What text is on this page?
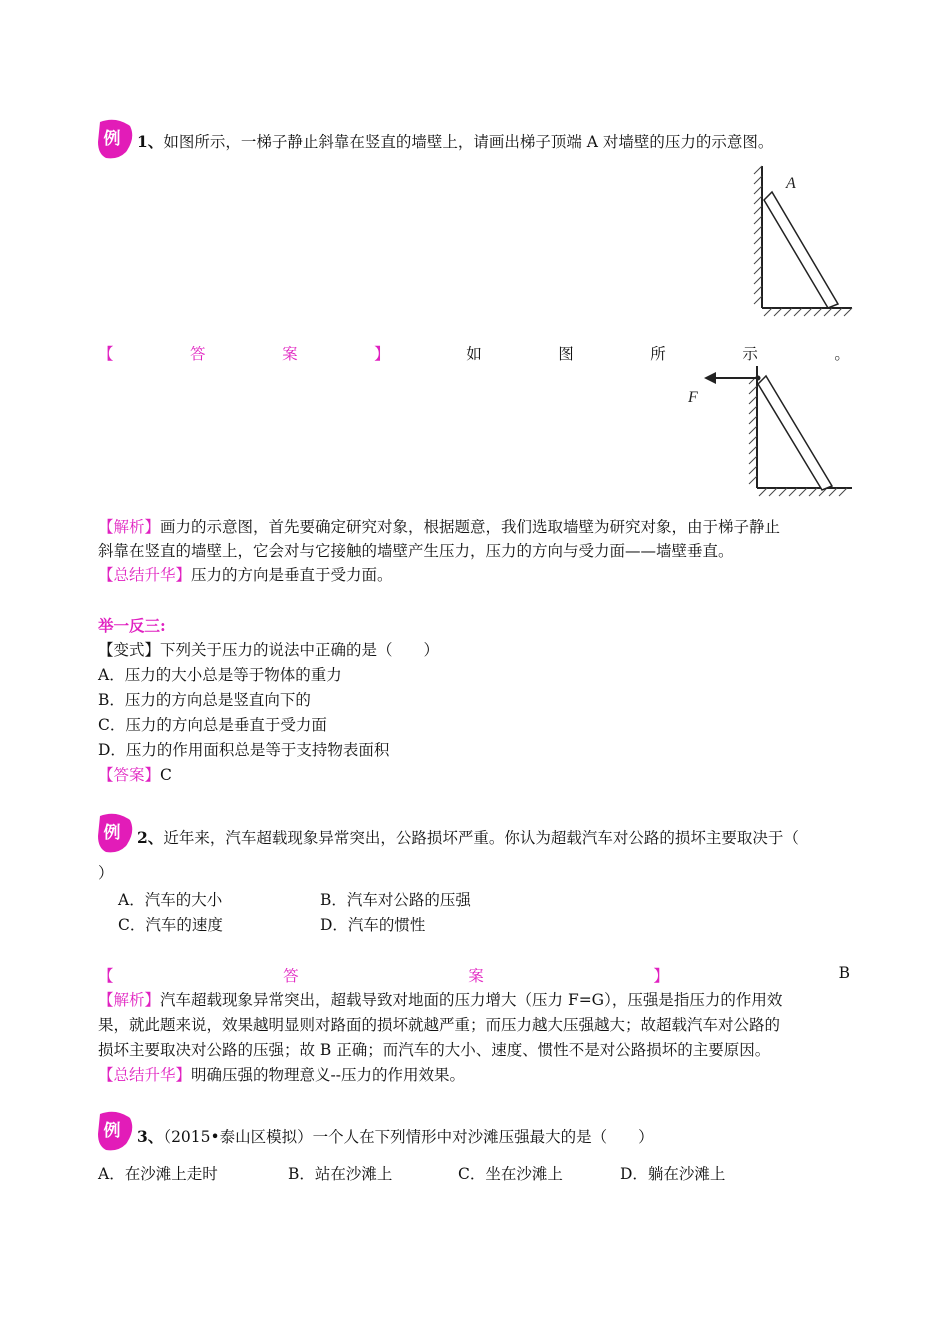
例 1、如图所示，一梯子静止斜靠在竖直的墙壁上，请画出梯子顶端 A 对墙壁的压力的示意图。
A
【	答	案	】	如	图	所	示	。
F
【解析】画力的示意图，首先要确定研究对象，根据题意，我们选取墙壁为研究对象，由于梯子静止
斜靠在竖直的墙壁上，它会对与它接触的墙壁产生压力，压力的方向与受力面——墙壁垂直。
【总结升华】压力的方向是垂直于受力面。
举一反三:
【变式】下列关于压力的说法中正确的是（　　）
A．压力的大小总是等于物体的重力
B．压力的方向总是竖直向下的
C．压力的方向总是垂直于受力面
D．压力的作用面积总是等于支持物表面积
【答案】C
例 2、近年来，汽车超载现象异常突出，公路损坏严重。你认为超载汽车对公路的损坏主要取决于（
）
A．汽车的大小	B．汽车对公路的压强
C．汽车的速度	D．汽车的惯性
【	答	案	】	B
【解析】汽车超载现象异常突出，超载导致对地面的压力增大（压力 F=G），压强是指压力的作用效
果，就此题来说，效果越明显则对路面的损坏就越严重；而压力越大压强越大；故超载汽车对公路的
损坏主要取决对公路的压强；故 B 正确；而汽车的大小、速度、惯性不是对公路损坏的主要原因。
【总结升华】明确压强的物理意义--压力的作用效果。
例 3、（2015•泰山区模拟）一个人在下列情形中对沙滩压强最大的是（　　）
A．在沙滩上走时	B．站在沙滩上	C．坐在沙滩上	D．躺在沙滩上
